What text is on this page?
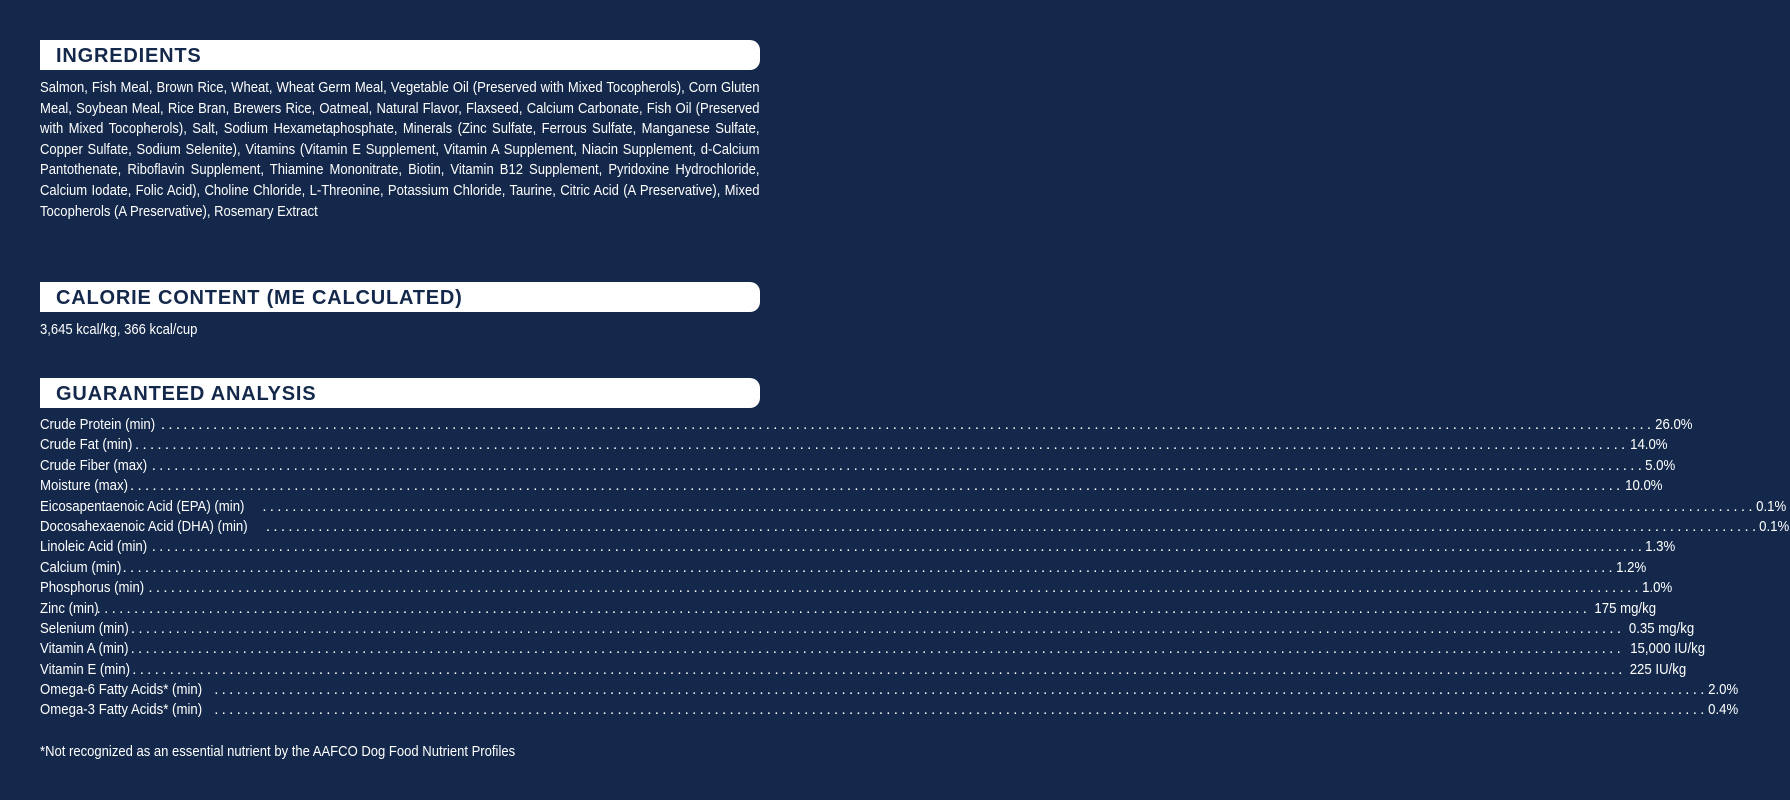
INGREDIENTS
Salmon, Fish Meal, Brown Rice, Wheat, Wheat Germ Meal, Vegetable Oil (Preserved with Mixed Tocopherols), Corn Gluten Meal, Soybean Meal, Rice Bran, Brewers Rice, Oatmeal, Natural Flavor, Flaxseed, Calcium Carbonate, Fish Oil (Preserved with Mixed Tocopherols), Salt, Sodium Hexametaphosphate, Minerals (Zinc Sulfate, Ferrous Sulfate, Manganese Sulfate, Copper Sulfate, Sodium Selenite), Vitamins (Vitamin E Supplement, Vitamin A Supplement, Niacin Supplement, d-Calcium Pantothenate, Riboflavin Supplement, Thiamine Mononitrate, Biotin, Vitamin B12 Supplement, Pyridoxine Hydrochloride, Calcium Iodate, Folic Acid), Choline Chloride, L-Threonine, Potassium Chloride, Taurine, Citric Acid (A Preservative), Mixed Tocopherols (A Preservative), Rosemary Extract
CALORIE CONTENT (ME CALCULATED)
3,645 kcal/kg, 366 kcal/cup
GUARANTEED ANALYSIS
Crude Protein (min) ........................................................................................................................................................................................................ 26.0%
Crude Fat (min) ........................................................................................................................................................................................................ 14.0%
Crude Fiber (max) ........................................................................................................................................................................................................ 5.0%
Moisture (max) ........................................................................................................................................................................................................ 10.0%
Eicosapentaenoic Acid (EPA) (min) ........................................................................................................................................................................................................ 0.1%
Docosahexaenoic Acid (DHA) (min) ........................................................................................................................................................................................................ 0.1%
Linoleic Acid (min) ........................................................................................................................................................................................................ 1.3%
Calcium (min) ........................................................................................................................................................................................................ 1.2%
Phosphorus (min) ........................................................................................................................................................................................................ 1.0%
Zinc (min)
........................................................................................................................................................................................................ 175 mg/kg
Selenium (min) ........................................................................................................................................................................................................ 0.35 mg/kg
Vitamin A (min) ........................................................................................................................................................................................................ 15,000 IU/kg
Vitamin E (min) ........................................................................................................................................................................................................ 225 IU/kg
Omega-6 Fatty Acids* (min) ........................................................................................................................................................................................................ 2.0%
Omega-3 Fatty Acids* (min) ........................................................................................................................................................................................................ 0.4%
*Not recognized as an essential nutrient by the AAFCO Dog Food Nutrient Profiles
